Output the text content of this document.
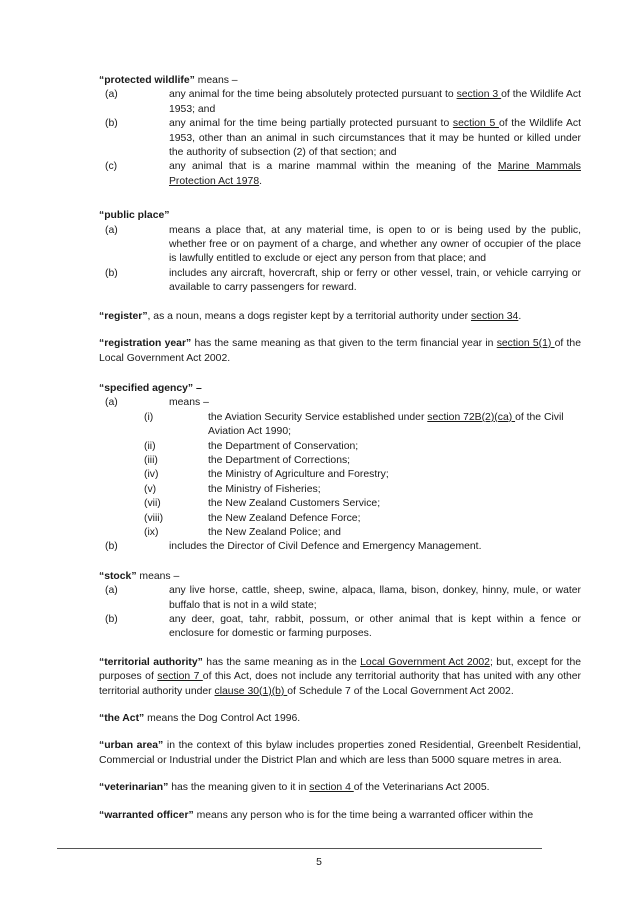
“protected wildlife” means –
(a)	any animal for the time being absolutely protected pursuant to section 3 of the Wildlife Act 1953; and
(b)	any animal for the time being partially protected pursuant to section 5 of the Wildlife Act 1953, other than an animal in such circumstances that it may be hunted or killed under the authority of subsection (2) of that section; and
(c)	any animal that is a marine mammal within the meaning of the Marine Mammals Protection Act 1978.
“public place”
(a)	means a place that, at any material time, is open to or is being used by the public, whether free or on payment of a charge, and whether any owner of occupier of the place is lawfully entitled to exclude or eject any person from that place; and
(b)	includes any aircraft, hovercraft, ship or ferry or other vessel, train, or vehicle carrying or available to carry passengers for reward.
“register”, as a noun, means a dogs register kept by a territorial authority under section 34.
“registration year” has the same meaning as that given to the term financial year in section 5(1) of the Local Government Act 2002.
“specified agency” –
(a)	means –
(i)	the Aviation Security Service established under section 72B(2)(ca) of the Civil Aviation Act 1990;
(ii)	the Department of Conservation;
(iii)	the Department of Corrections;
(iv)	the Ministry of Agriculture and Forestry;
(v)	the Ministry of Fisheries;
(vii)	the New Zealand Customers Service;
(viii)	the New Zealand Defence Force;
(ix)	the New Zealand Police; and
(b)	includes the Director of Civil Defence and Emergency Management.
“stock” means –
(a)	any live horse, cattle, sheep, swine, alpaca, llama, bison, donkey, hinny, mule, or water buffalo that is not in a wild state;
(b)	any deer, goat, tahr, rabbit, possum, or other animal that is kept within a fence or enclosure for domestic or farming purposes.
“territorial authority” has the same meaning as in the Local Government Act 2002; but, except for the purposes of section 7 of this Act, does not include any territorial authority that has united with any other territorial authority under clause 30(1)(b) of Schedule 7 of the Local Government Act 2002.
“the Act” means the Dog Control Act 1996.
“urban area” in the context of this bylaw includes properties zoned Residential, Greenbelt Residential, Commercial or Industrial under the District Plan and which are less than 5000 square metres in area.
“veterinarian” has the meaning given to it in section 4 of the Veterinarians Act 2005.
“warranted officer” means any person who is for the time being a warranted officer within the
5
